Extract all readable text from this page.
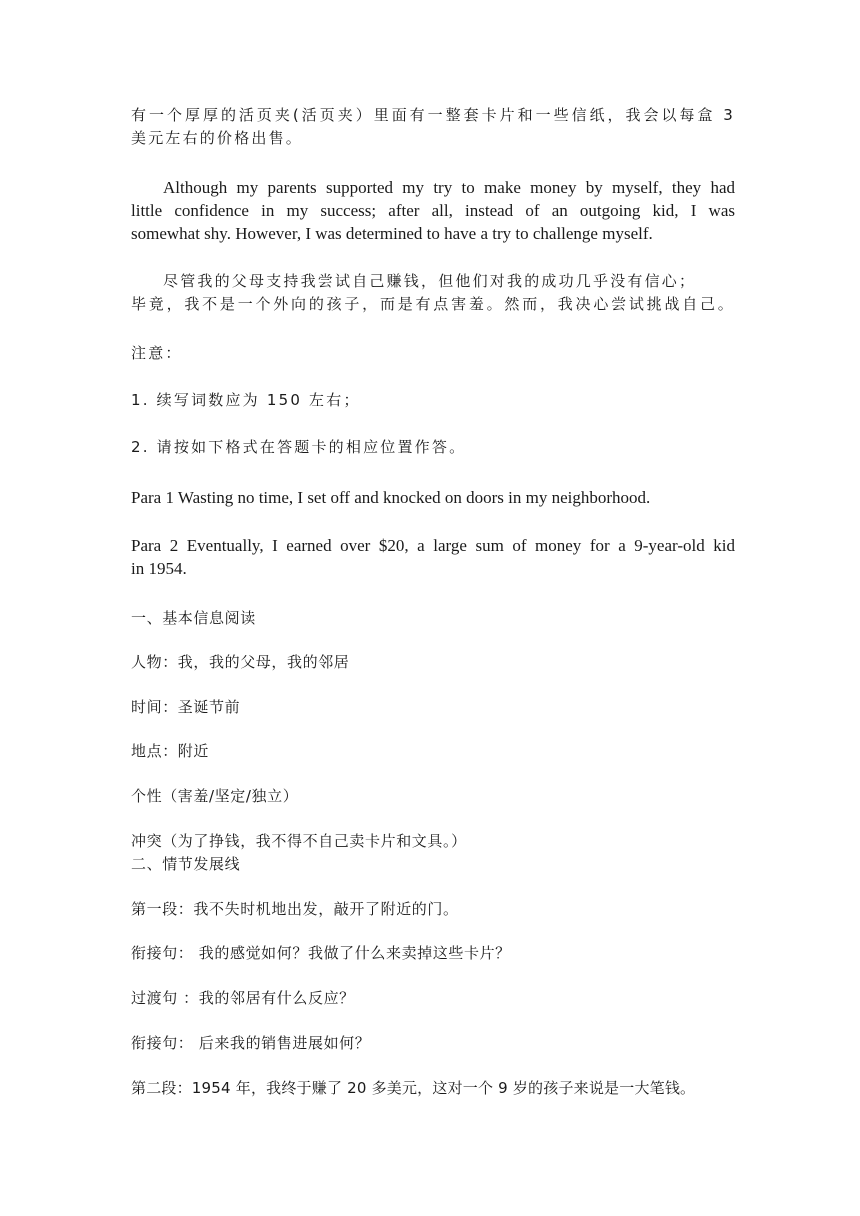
有一个厚厚的活页夹(活页夹）里面有一整套卡片和一些信纸，我会以每盒 3
美元左右的价格出售。
Although my parents supported my try to make money by myself, they had
little confidence in my success; after all, instead of an outgoing kid, I was
somewhat shy. However, I was determined to have a try to challenge myself.
尽管我的父母支持我尝试自己赚钱，但他们对我的成功几乎没有信心；
毕竟，我不是一个外向的孩子，而是有点害羞。然而，我决心尝试挑战自己。
注意：
1. 续写词数应为 150 左右；
2. 请按如下格式在答题卡的相应位置作答。
Para 1 Wasting no time, I set off and knocked on doors in my neighborhood.
Para 2 Eventually, I earned over $20, a large sum of money for a 9-year-old kid
in 1954.
一、基本信息阅读
人物：我，我的父母，我的邻居
时间：圣诞节前
地点：附近
个性（害羞/坚定/独立）
冲突（为了挣钱，我不得不自己卖卡片和文具。）
二、情节发展线
第一段：我不失时机地出发，敲开了附近的门。
衔接句： 我的感觉如何？我做了什么来卖掉这些卡片？
过渡句 ：我的邻居有什么反应？
衔接句： 后来我的销售进展如何？
第二段：1954 年，我终于赚了 20 多美元，这对一个 9 岁的孩子来说是一大笔钱。
